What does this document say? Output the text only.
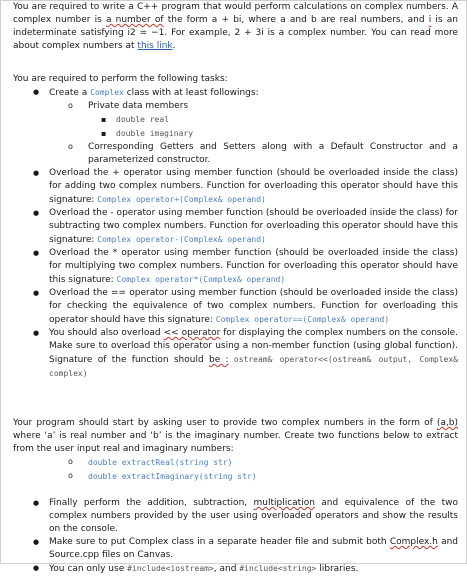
You are required to write a C++ program that would perform calculations on complex numbers. A complex number is a number of the form a + bi, where a and b are real numbers, and i is an indeterminate satisfying i2 = −1. For example, 2 + 3i is a complex number. You can read more about complex numbers at this link.

You are required to perform the following tasks:

● Create a Complex class with at least followings:
o Private data members
▪ double real
▪ double imaginary
o Corresponding Getters and Setters along with a Default Constructor and a parameterized constructor.
● Overload the + operator using member function (should be overloaded inside the class) for adding two complex numbers. Function for overloading this operator should have this signature: Complex operator+(Complex& operand)
● Overload the - operator using member function (should be overloaded inside the class) for subtracting two complex numbers. Function for overloading this operator should have this signature: Complex operator-(Complex& operand)
● Overload the * operator using member function (should be overloaded inside the class) for multiplying two complex numbers. Function for overloading this operator should have this signature: Complex operator*(Complex& operand)
● Overload the == operator using member function (should be overloaded inside the class) for checking the equivalence of two complex numbers. Function for overloading this operator should have this signature: Complex operator==(Complex& operand)
● You should also overload << operator for displaying the complex numbers on the console. Make sure to overload this operator using a non-member function (using global function). Signature of the function should be : ostream& operator<<(ostream& output, Complex& complex)

Your program should start by asking user to provide two complex numbers in the form of (a,b) where ‘a’ is real number and ‘b’ is the imaginary number. Create two functions below to extract from the user input real and imaginary numbers:

o double extractReal(string str)
o double extractImaginary(string str)
● Finally perform the addition, subtraction, multiplication and equivalence of the two complex numbers provided by the user using overloaded operators and show the results on the console.
● Make sure to put Complex class in a separate header file and submit both Complex.h and Source.cpp files on Canvas.
● You can only use #include<iostream>, and #include<string> libraries.
